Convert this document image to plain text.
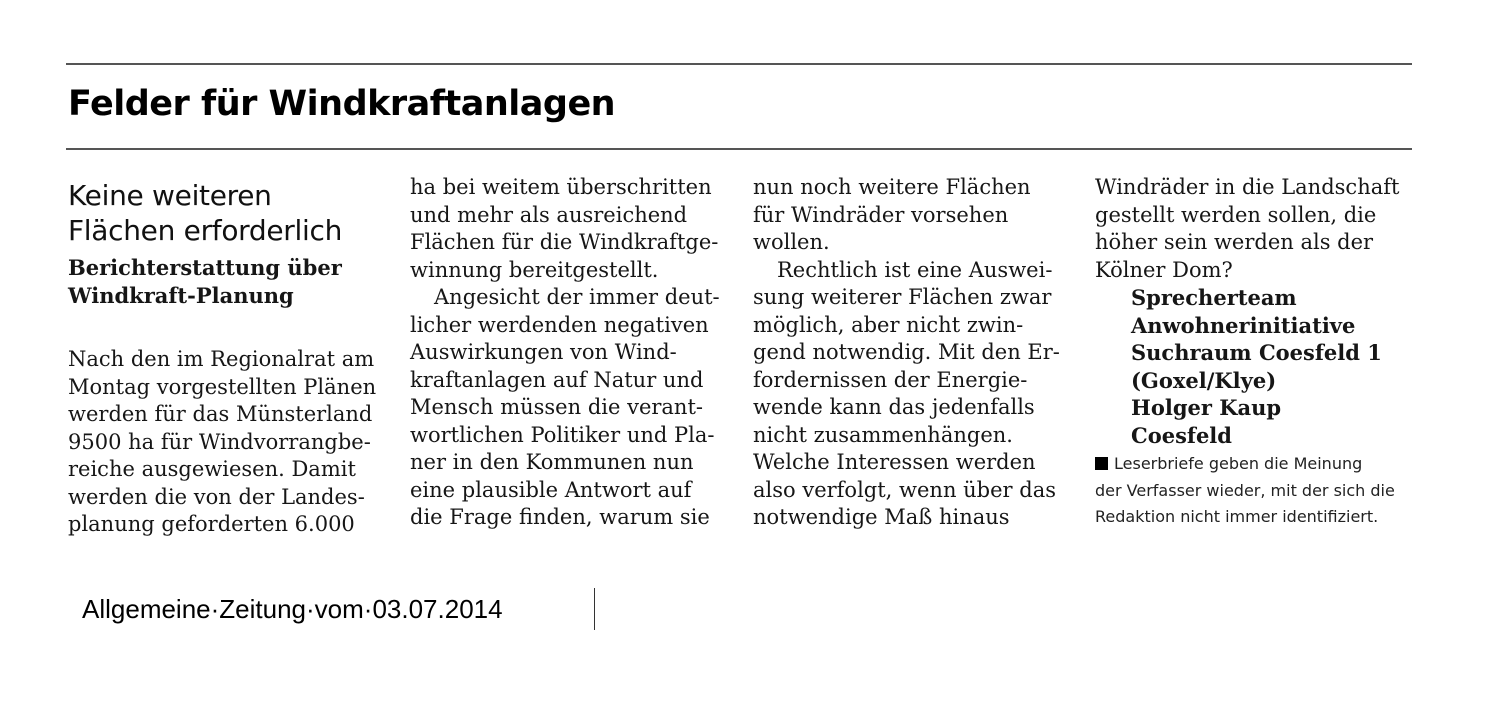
Felder für Windkraftanlagen
Keine weiteren
Flächen erforderlich
Berichterstattung über
Windkraft-Planung
Nach den im Regionalrat am
Montag vorgestellten Plänen
werden für das Münsterland
9500 ha für Windvorrangbe-
reiche ausgewiesen. Damit
werden die von der Landes-
planung geforderten 6.000
ha bei weitem überschritten
und mehr als ausreichend
Flächen für die Windkraftge-
winnung bereitgestellt.
Angesicht der immer deut-
licher werdenden negativen
Auswirkungen von Wind-
kraftanlagen auf Natur und
Mensch müssen die verant-
wortlichen Politiker und Pla-
ner in den Kommunen nun
eine plausible Antwort auf
die Frage finden, warum sie
nun noch weitere Flächen
für Windräder vorsehen
wollen.
Rechtlich ist eine Auswei-
sung weiterer Flächen zwar
möglich, aber nicht zwin-
gend notwendig. Mit den Er-
fordernissen der Energie-
wende kann das jedenfalls
nicht zusammenhängen.
Welche Interessen werden
also verfolgt, wenn über das
notwendige Maß hinaus
Windräder in die Landschaft
gestellt werden sollen, die
höher sein werden als der
Kölner Dom?
Sprecherteam
Anwohnerinitiative
Suchraum Coesfeld 1
(Goxel/Klye)
Holger Kaup
Coesfeld
Leserbriefe geben die Meinung
der Verfasser wieder, mit der sich die
Redaktion nicht immer identifiziert.
Allgemeine·Zeitung·vom·03.07.2014
